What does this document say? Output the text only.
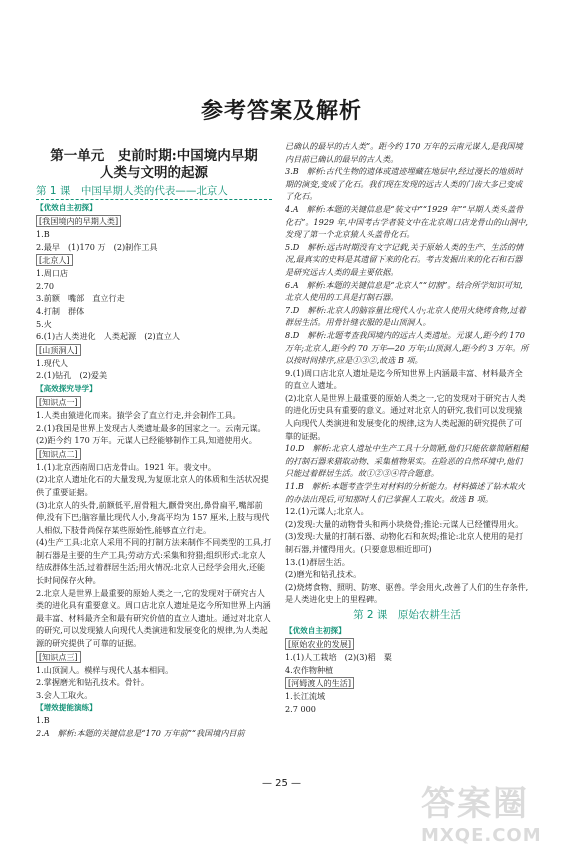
参考答案及解析
第一单元　史前时期:中国境内早期
人类与文明的起源
第 1 课　中国早期人类的代表——北京人
【优效自主初探】
[我国境内的早期人类]
1.B
2.最早　(1)170 万　(2)制作工具
[北京人]
1.周口店
2.70
3.前额　嘴部　直立行走
4.打制　群体
5.火
6.(1)古人类进化　人类起源　(2)直立人
[山顶洞人]
1.现代人
2.(1)钻孔　(2)爱美
【高效探究导学】
[知识点一]
1.人类由猿进化而来。猿学会了直立行走,并会制作工具。
2.(1)我国是世界上发现古人类遗址最多的国家之一。云南元谋。
(2)距今约 170 万年。元谋人已经能够制作工具,知道使用火。
[知识点二]
1.(1)北京西南周口店龙骨山。1921 年。裴文中。
(2)北京人遗址化石的大量发现,为复原北京人的体质和生活状况提供了重要证据。
(3)北京人的头骨,前额低平,眉骨粗大,颧骨突出,鼻骨扁平,嘴部前伸,没有下巴;脑容量比现代人小,身高平均为 157 厘米,上肢与现代人相似,下肢骨尚保存某些原始性,能够直立行走。
(4)生产工具:北京人采用不同的打制方法来制作不同类型的工具,打制石器是主要的生产工具;劳动方式:采集和狩猎;组织形式:北京人结成群体生活,过着群居生活;用火情况:北京人已经学会用火,还能长时间保存火种。
2.北京人是世界上最重要的原始人类之一,它的发现对于研究古人类的进化具有重要意义。周口店北京人遗址是迄今所知世界上内涵最丰富、材料最齐全和最有研究价值的直立人遗址。通过对北京人的研究,可以发现猿人向现代人类演进和发展变化的规律,为人类起源的研究提供了可靠的证据。
[知识点三]
1.山顶洞人。模样与现代人基本相同。
2.掌握磨光和钻孔技术。骨针。
3.会人工取火。
【增效提能演练】
1.B
2.A　解析:本题的关键信息是“170 万年前”“我国境内目前
已确认的最早的古人类”。距今约 170 万年的云南元谋人,是我国境内目前已确认的最早的古人类。
3.B　解析:古代生物的遗体或遗迹埋藏在地层中,经过漫长的地质时期的演变,变成了化石。我们现在发现的远古人类的门齿大多已变成了化石。
4.A　解析:本题的关键信息是“装文中”“1929 年”“早期人类头盖骨化石”。1929 年,中国考古学者装文中在北京周口店龙骨山的山洞中,发现了第一个北京猿人头盖骨化石。
5.D　解析:远古时期没有文字记载,关于原始人类的生产、生活的情况,最真实的史料是其遗留下来的化石。考古发掘出来的化石和石器是研究远古人类的最主要依据。
6.A　解析:本题的关键信息是“北京人”“切割”。结合所学知识可知,北京人使用的工具是打制石器。
7.D　解析:北京人的脑容量比现代人小;北京人使用火烧烤食物,过着群居生活。用骨针缝衣服的是山顶洞人。
8.D　解析:北题考查我国境内的远古人类遗址。元谋人,距今约 170 万年;北京人,距今约 70 万年—20 万年;山顶洞人,距今约 3 万年。所以按时间排序,应是①③②,故选 B 项。
9.(1)周口店北京人遗址是迄今所知世界上内涵最丰富、材料最齐全的直立人遗址。
(2)北京人是世界上最重要的原始人类之一,它的发现对于研究古人类的进化历史具有重要的意义。通过对北京人的研究,我们可以发现猿人向现代人类演进和发展变化的规律,这为人类起源的研究提供了可靠的证据。
10.D　解析:北京人遗址中生产工具十分简陋,他们只能依靠简陋粗糙的打制石器来猎取动物、采集植物果实。在险恶的自然环境中,他们只能过着群居生活。故①②③④符合题意。
11.B　解析:本题考查学生对材料的分析能力。材料描述了钻木取火的办法出现后,可知那时人们已掌握人工取火。故选 B 项。
12.(1)元谋人;北京人。
(2)发现:大量的动物骨头和两小块烧骨;推论:元谋人已经懂得用火。
(3)发现:大量的打制石器、动物化石和灰烬;推论:北京人使用的是打制石器,并懂得用火。(只要意思相近即可)
13.(1)群居生活。
(2)磨光和钻孔技术。
(2)烧烤食物、照明、防寒、驱兽。学会用火,改善了人们的生存条件,是人类进化史上的里程碑。
第 2 课　原始农耕生活
【优效自主初探】
[原始农业的发展]
1.(1)人工栽培　(2)(3)稻　粟
4.农作物种植
[河姆渡人的生活]
1.长江流域
2.7 000
— 25 —
答案圈
MXQE.COM
